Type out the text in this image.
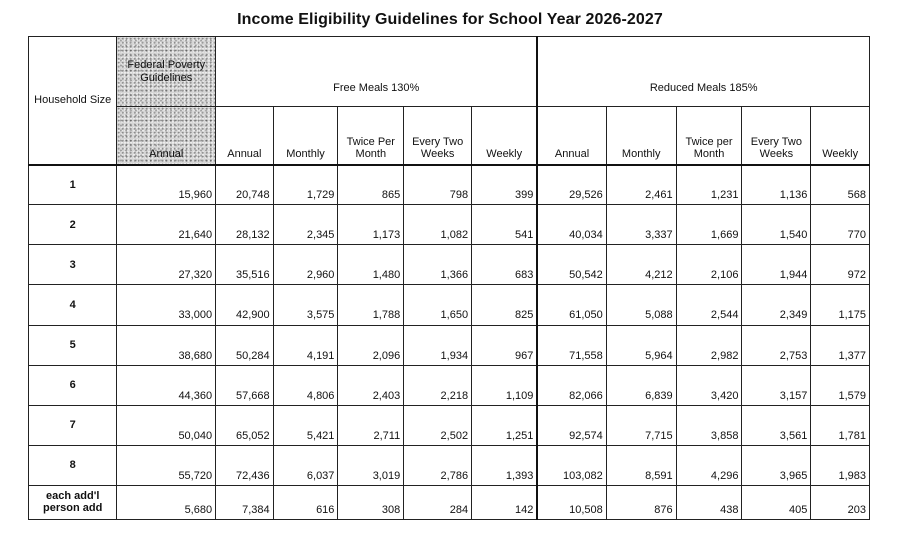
Income Eligibility Guidelines for School Year 2026-2027
Household Size	Federal Poverty Guidelines	Free Meals 130%					Reduced Meals 185%				
	Annual	Annual	Monthly	Twice Per Month	Every Two Weeks	Weekly	Annual	Monthly	Twice per Month	Every Two Weeks	Weekly
1	15,960	20,748	1,729	865	798	399	29,526	2,461	1,231	1,136	568
2	21,640	28,132	2,345	1,173	1,082	541	40,034	3,337	1,669	1,540	770
3	27,320	35,516	2,960	1,480	1,366	683	50,542	4,212	2,106	1,944	972
4	33,000	42,900	3,575	1,788	1,650	825	61,050	5,088	2,544	2,349	1,175
5	38,680	50,284	4,191	2,096	1,934	967	71,558	5,964	2,982	2,753	1,377
6	44,360	57,668	4,806	2,403	2,218	1,109	82,066	6,839	3,420	3,157	1,579
7	50,040	65,052	5,421	2,711	2,502	1,251	92,574	7,715	3,858	3,561	1,781
8	55,720	72,436	6,037	3,019	2,786	1,393	103,082	8,591	4,296	3,965	1,983

each add'l
person add	5,680	7,384	616	308	284	142	10,508	876	438	405	203
